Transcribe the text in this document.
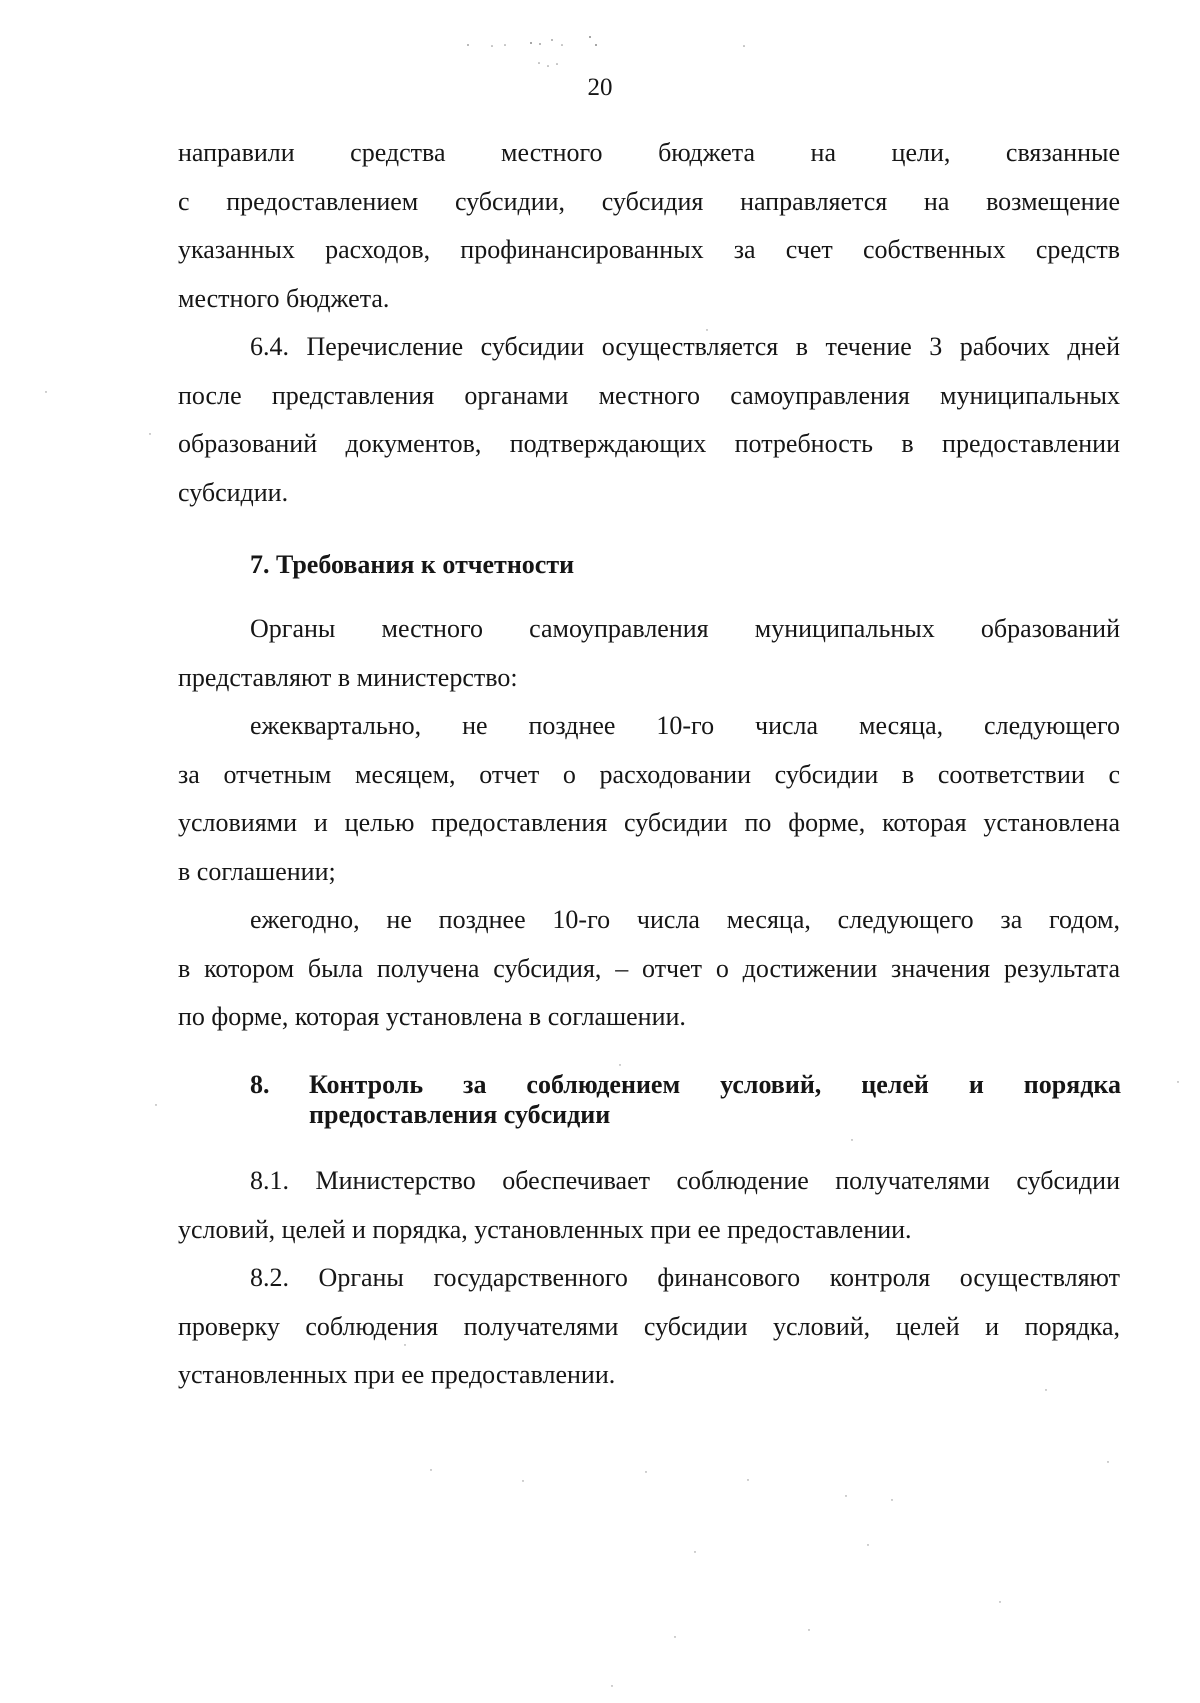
20

направили средства местного бюджета на цели, связанные
с предоставлением субсидии, субсидия направляется на возмещение
указанных расходов, профинансированных за счет собственных средств
местного бюджета.

6.4. Перечисление субсидии осуществляется в течение 3 рабочих дней
после представления органами местного самоуправления муниципальных
образований документов, подтверждающих потребность в предоставлении
субсидии.

7. Требования к отчетности

Органы местного самоуправления муниципальных образований
представляют в министерство:

ежеквартально, не позднее 10-го числа месяца, следующего
за отчетным месяцем, отчет о расходовании субсидии в соответствии с
условиями и целью предоставления субсидии по форме, которая установлена
в соглашении;

ежегодно, не позднее 10-го числа месяца, следующего за годом,
в котором была получена субсидия, – отчет о достижении значения результата
по форме, которая установлена в соглашении.

8. Контроль за соблюдением условий, целей и порядка
предоставления субсидии

8.1. Министерство обеспечивает соблюдение получателями субсидии
условий, целей и порядка, установленных при ее предоставлении.

8.2. Органы государственного финансового контроля осуществляют
проверку соблюдения получателями субсидии условий, целей и порядка,
установленных при ее предоставлении.
